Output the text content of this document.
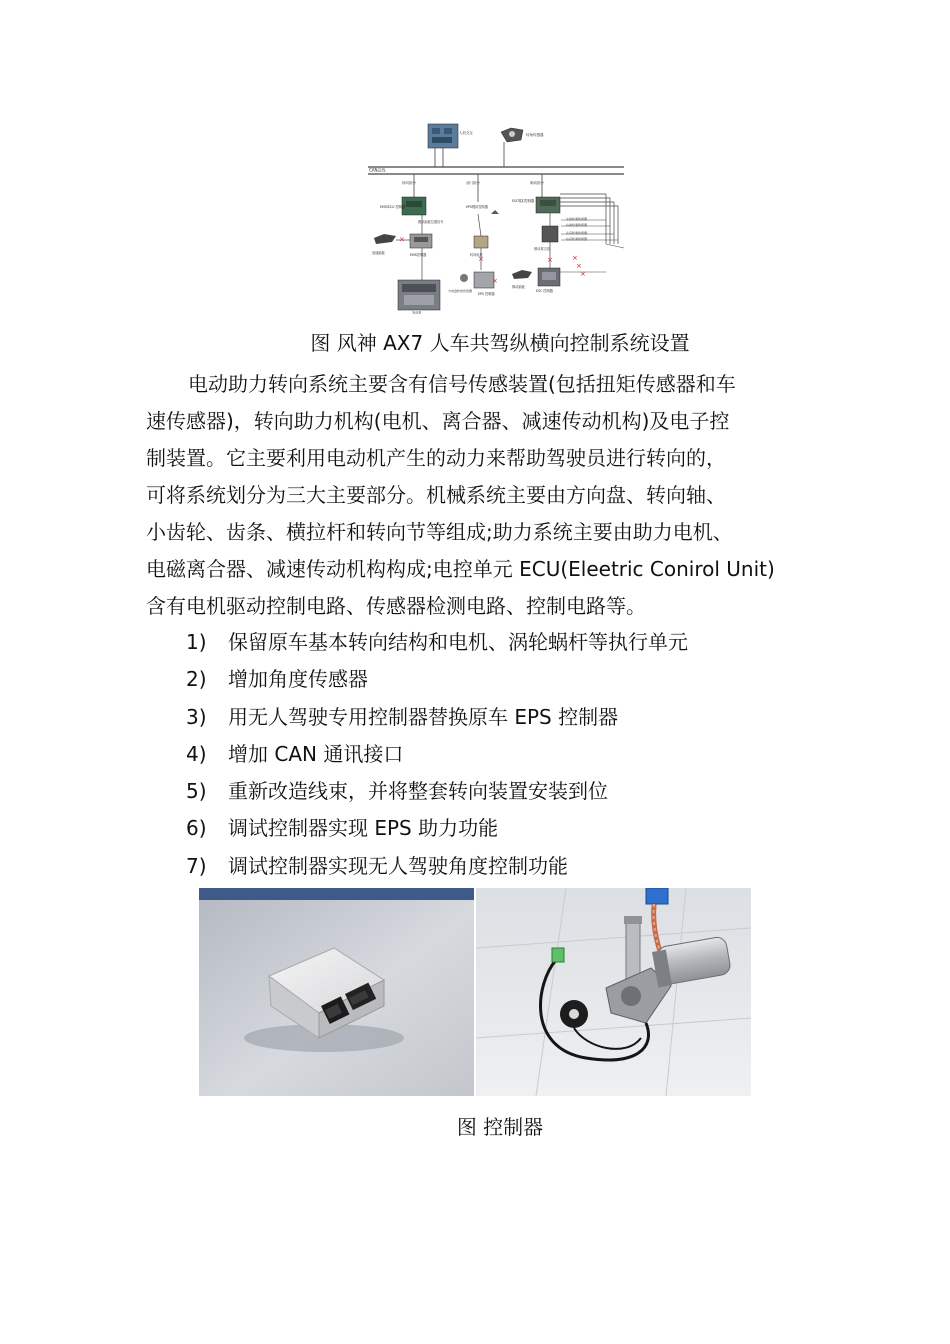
CAN总线
人机交互	转角传感器
转向指令	油门指令	制动指令
EMS/ECU 控制器
模拟踏板位置信号
EPS模拟控制器
ESC模拟控制器
左前轮速传感器
右前轮速传感器
左后轮速传感器
右后轮速传感器
加速踏板
×
EMS控制器
发动机
转向电机
×
EPS 控制器
方向盘转角传感器
×
制动真空泵
×
制动踏板
ESC 控制器
×
×
×
图 风神 AX7 人车共驾纵横向控制系统设置
电动助力转向系统主要含有信号传感装置(包括扭矩传感器和车
速传感器)，转向助力机构(电机、离合器、减速传动机构)及电子控
制装置。它主要利用电动机产生的动力来帮助驾驶员进行转向的，
可将系统划分为三大主要部分。机械系统主要由方向盘、转向轴、
小齿轮、齿条、横拉杆和转向节等组成;助力系统主要由助力电机、
电磁离合器、减速传动机构构成;电控单元 ECU(Eleetric Conirol Unit)
含有电机驱动控制电路、传感器检测电路、控制电路等。
1) 保留原车基本转向结构和电机、涡轮蜗杆等执行单元
2) 增加角度传感器
3) 用无人驾驶专用控制器替换原车 EPS 控制器
4) 增加 CAN 通讯接口
5) 重新改造线束，并将整套转向装置安装到位
6) 调试控制器实现 EPS 助力功能
7) 调试控制器实现无人驾驶角度控制功能
图 控制器
